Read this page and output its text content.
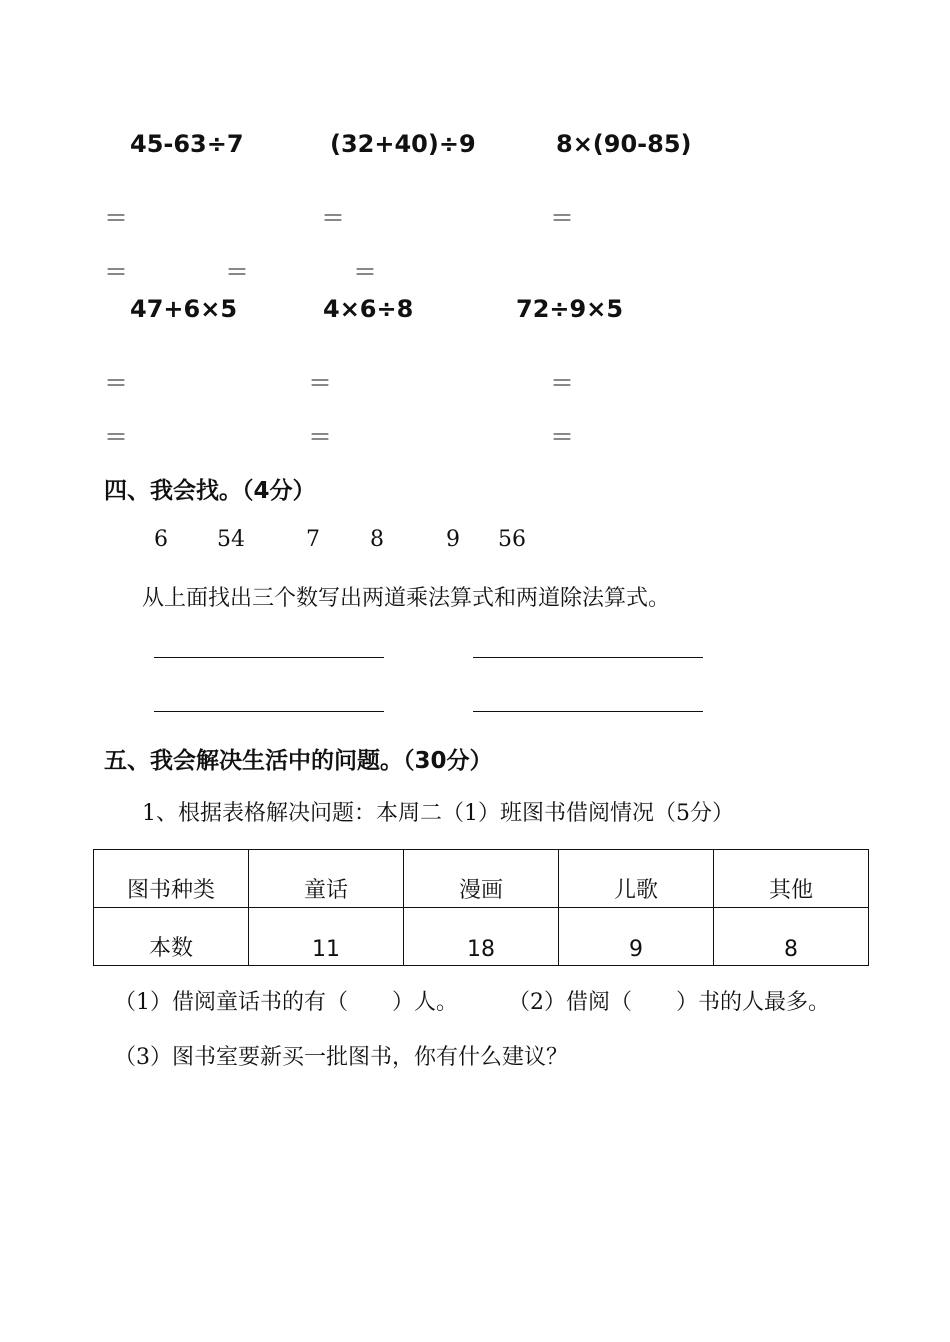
45-63÷7	(32+40)÷9	8×(90-85)
＝	＝	＝
＝	＝	＝
47+6×5	4×6÷8	72÷9×5
＝	＝	＝
＝	＝	＝
四、我会找。（4分）
6 54	7 8	9 56
从上面找出三个数写出两道乘法算式和两道除法算式。
五、我会解决生活中的问题。（30分）
1、根据表格解决问题：本周二（1）班图书借阅情况（5分）
图书种类	童话	漫画	儿歌	其他
本数	11	18	9	8
（1）借阅童话书的有（　　）人。 （2）借阅（　　）书的人最多。
（3）图书室要新买一批图书，你有什么建议？
